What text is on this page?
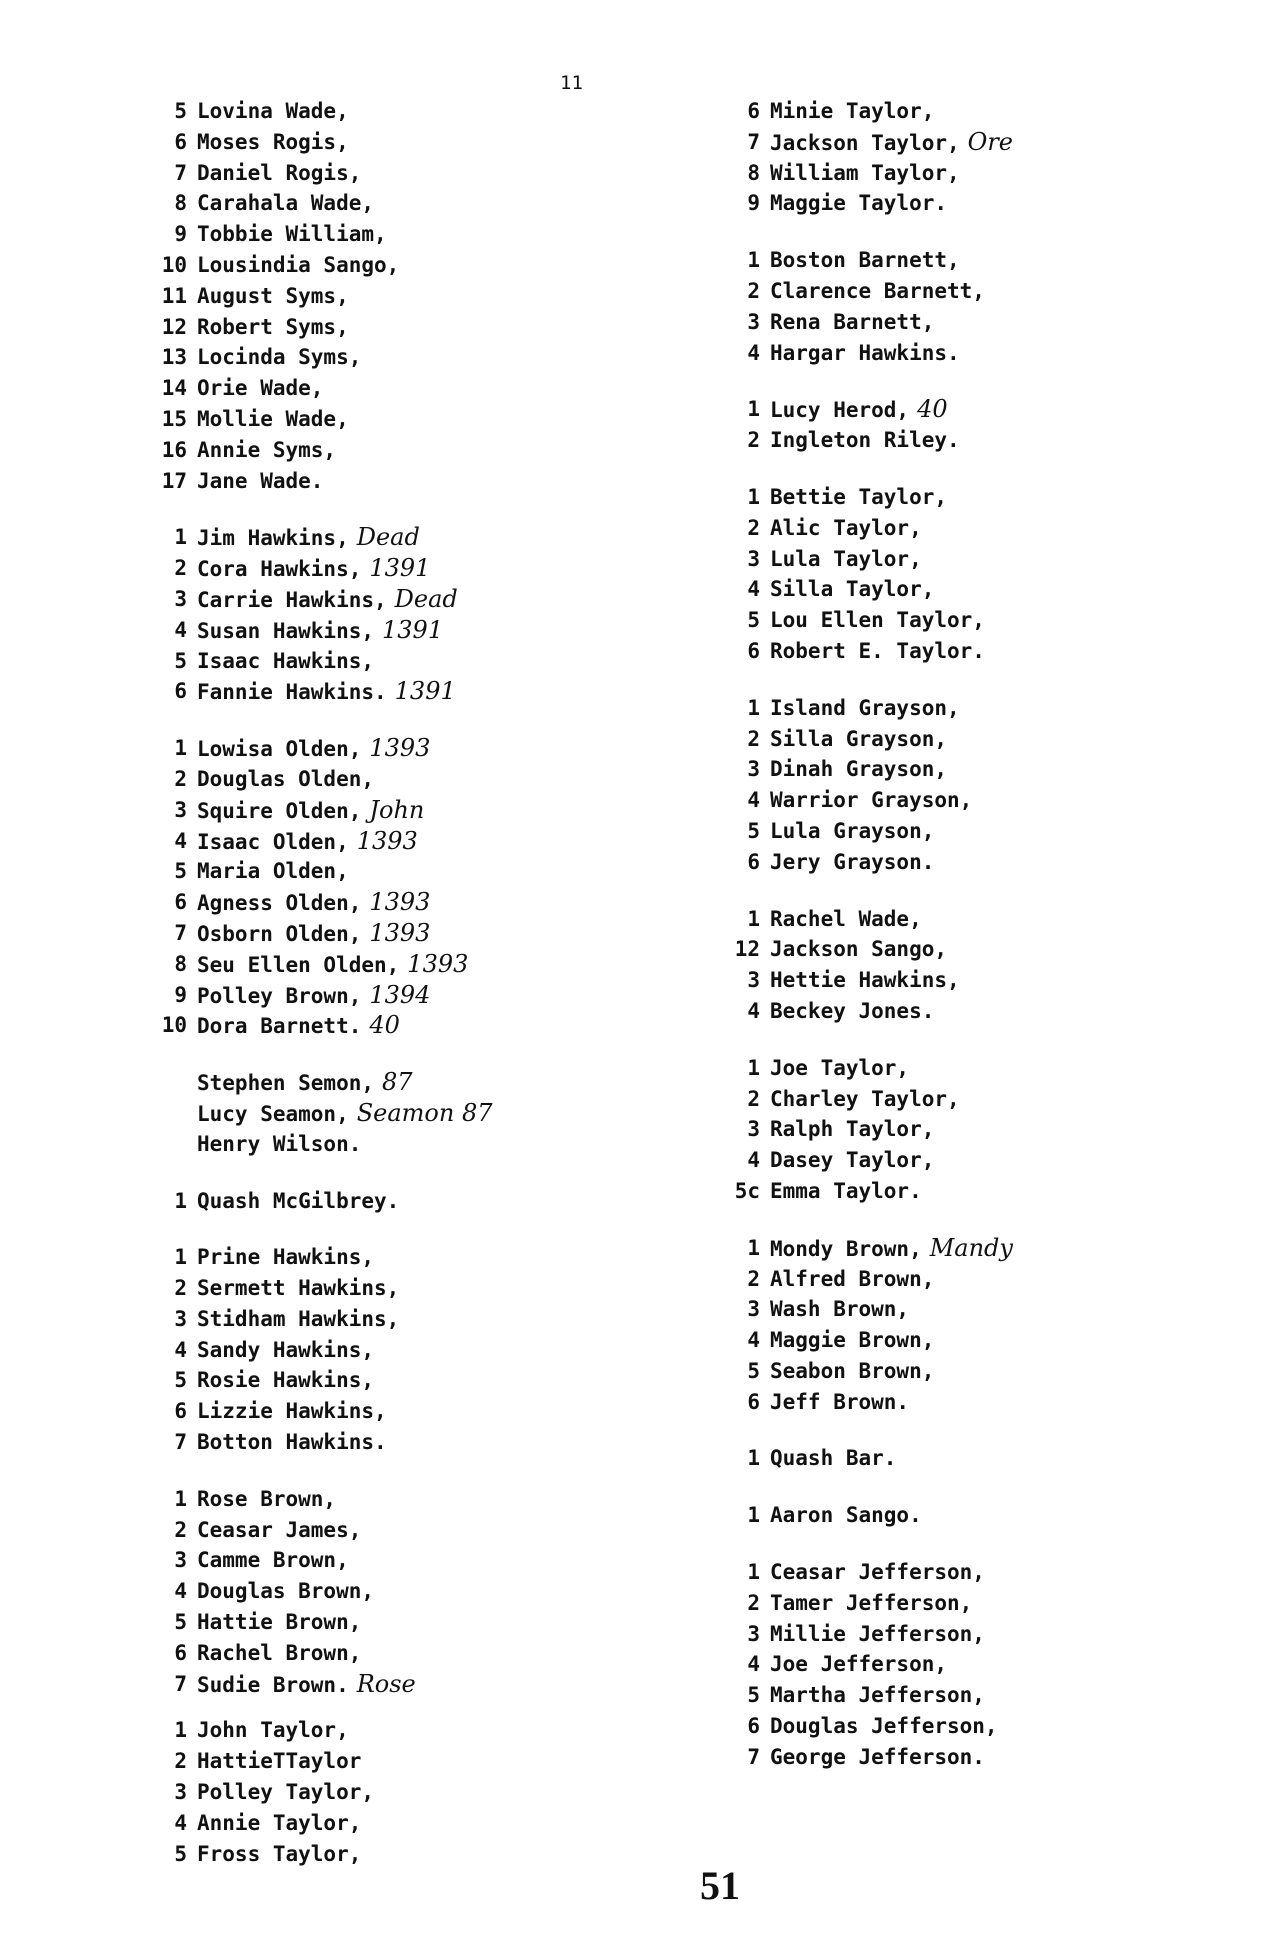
11
5 Lovina Wade,
6 Moses Rogis,
7 Daniel Rogis,
8 Carahala Wade,
9 Tobbie William,
10 Lousindia Sango,
11 August Syms,
12 Robert Syms,
13 Locinda Syms,
14 Orie Wade,
15 Mollie Wade,
16 Annie Syms,
17 Jane Wade.
1 Jim Hawkins, Dead
2 Cora Hawkins, 1391
3 Carrie Hawkins, Dead
4 Susan Hawkins, 1391
5 Isaac Hawkins,
6 Fannie Hawkins. 1391
1 Lowisa Olden, 1393
2 Douglas Olden,
3 Squire Olden, John
4 Isaac Olden, 1393
5 Maria Olden,
6 Agness Olden, 1393
7 Osborn Olden, 1393
8 Seu Ellen Olden, 1393
9 Polley Brown, 1394
10 Dora Barnett. 40
Stephen Semon, 87
Lucy Seamon, Seamon 87
Henry Wilson.
1 Quash McGilbrey.
1 Prine Hawkins,
2 Sermett Hawkins,
3 Stidham Hawkins,
4 Sandy Hawkins,
5 Rosie Hawkins,
6 Lizzie Hawkins,
7 Botton Hawkins.
1 Rose Brown,
2 Ceasar James,
3 Camme Brown,
4 Douglas Brown,
5 Hattie Brown,
6 Rachel Brown,
7 Sudie Brown. Rose
1 John Taylor,
2 HattieTTaylor
3 Polley Taylor,
4 Annie Taylor,
5 Fross Taylor,
6 Minie Taylor,
7 Jackson Taylor, Ore
8 William Taylor,
9 Maggie Taylor.
1 Boston Barnett,
2 Clarence Barnett,
3 Rena Barnett,
4 Hargar Hawkins.
1 Lucy Herod, 40
2 Ingleton Riley.
1 Bettie Taylor,
2 Alic Taylor,
3 Lula Taylor,
4 Silla Taylor,
5 Lou Ellen Taylor,
6 Robert E. Taylor.
1 Island Grayson,
2 Silla Grayson,
3 Dinah Grayson,
4 Warrior Grayson,
5 Lula Grayson,
6 Jery Grayson.
1 Rachel Wade,
12 Jackson Sango,
3 Hettie Hawkins,
4 Beckey Jones.
1 Joe Taylor,
2 Charley Taylor,
3 Ralph Taylor,
4 Dasey Taylor,
5c Emma Taylor.
1 Mondy Brown, Mandy
2 Alfred Brown,
3 Wash Brown,
4 Maggie Brown,
5 Seabon Brown,
6 Jeff Brown.
1 Quash Bar.
1 Aaron Sango.
1 Ceasar Jefferson,
2 Tamer Jefferson,
3 Millie Jefferson,
4 Joe Jefferson,
5 Martha Jefferson,
6 Douglas Jefferson,
7 George Jefferson.
51
